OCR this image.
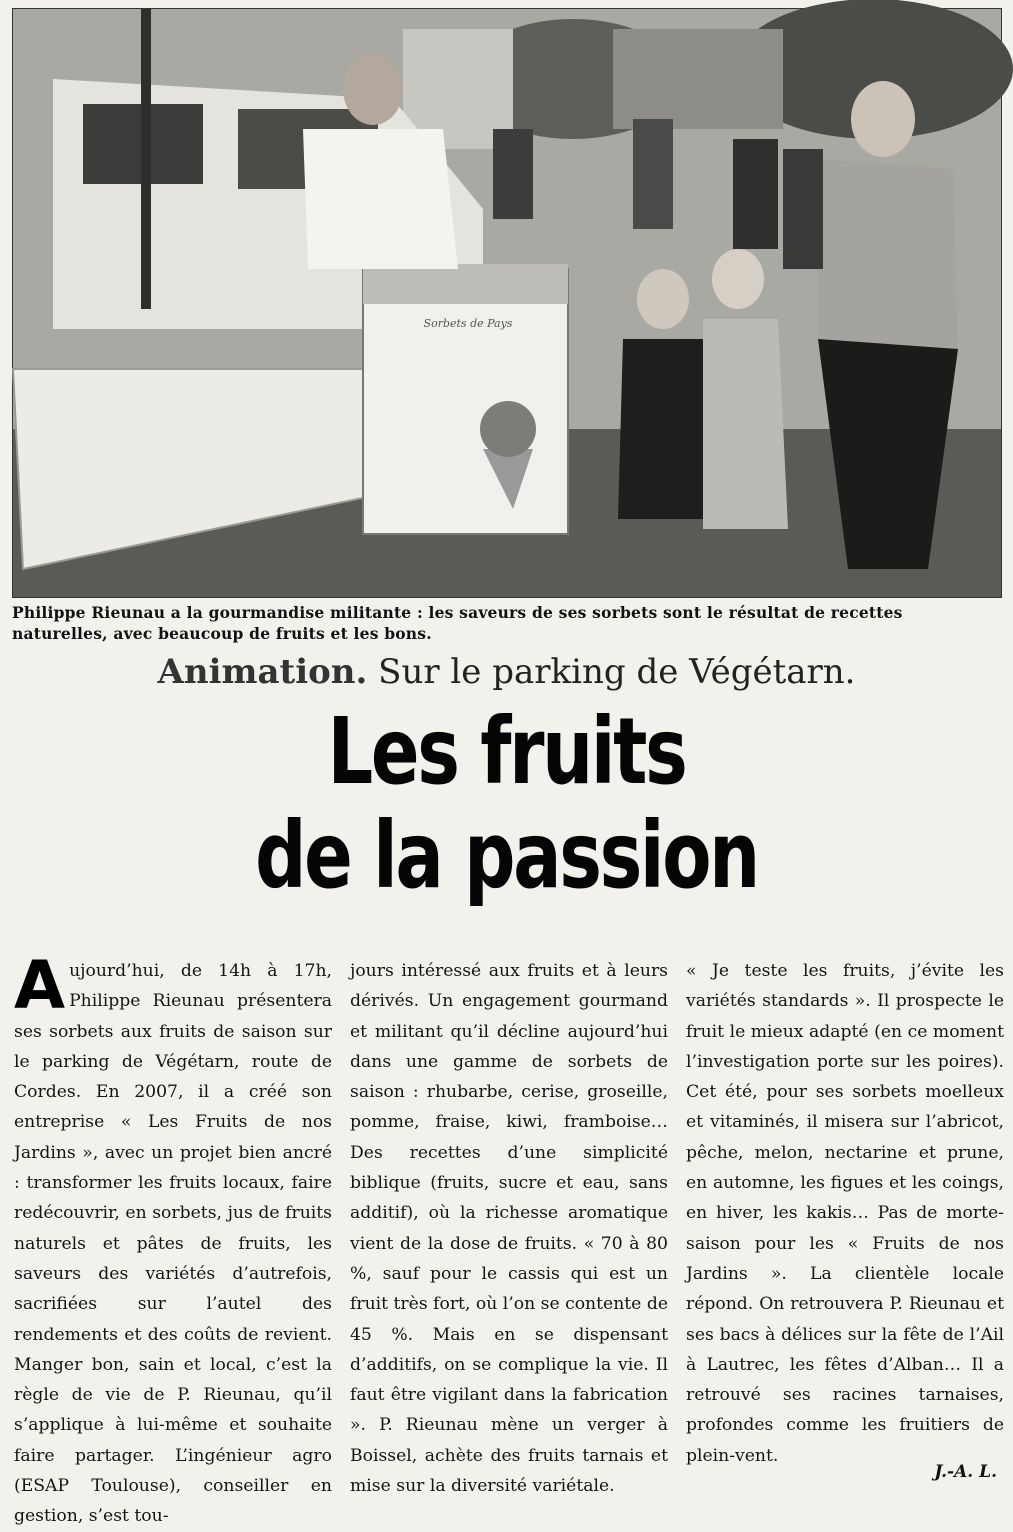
Sorbets de Pays
Philippe Rieunau a la gourmandise militante : les saveurs de ses sorbets sont le résultat de recettes naturelles, avec beaucoup de fruits et les bons.
Animation. Sur le parking de Végétarn.
Les fruits
de la passion
A ujourd’hui, de 14h à 17h, Philippe Rieunau présentera ses sorbets aux fruits de saison sur le parking de Végétarn, route de Cordes. En 2007, il a créé son entreprise « Les Fruits de nos Jardins », avec un projet bien ancré : transformer les fruits locaux, faire redécouvrir, en sorbets, jus de fruits naturels et pâtes de fruits, les saveurs des variétés d’autrefois, sacrifiées sur l’autel des rendements et des coûts de revient. Manger bon, sain et local, c’est la règle de vie de P. Rieunau, qu’il s’applique à lui-même et souhaite faire partager. L’ingénieur agro (ESAP Toulouse), conseiller en gestion, s’est tou-

jours intéressé aux fruits et à leurs dérivés. Un engagement gourmand et militant qu’il décline aujourd’hui dans une gamme de sorbets de saison : rhubarbe, cerise, groseille, pomme, fraise, kiwi, framboise… Des recettes d’une simplicité biblique (fruits, sucre et eau, sans additif), où la richesse aromatique vient de la dose de fruits. « 70 à 80 %, sauf pour le cassis qui est un fruit très fort, où l’on se contente de 45 %. Mais en se dispensant d’additifs, on se complique la vie. Il faut être vigilant dans la fabrication ». P. Rieunau mène un verger à Boissel, achète des fruits tarnais et mise sur la diversité variétale.

« Je teste les fruits, j’évite les variétés standards ». Il prospecte le fruit le mieux adapté (en ce moment l’investigation porte sur les poires). Cet été, pour ses sorbets moelleux et vitaminés, il misera sur l’abricot, pêche, melon, nectarine et prune, en automne, les figues et les coings, en hiver, les kakis… Pas de morte-saison pour les « Fruits de nos Jardins ». La clientèle locale répond. On retrouvera P. Rieunau et ses bacs à délices sur la fête de l’Ail à Lautrec, les fêtes d’Alban… Il a retrouvé ses racines tarnaises, profondes comme les fruitiers de plein-vent.

J.-A. L.
